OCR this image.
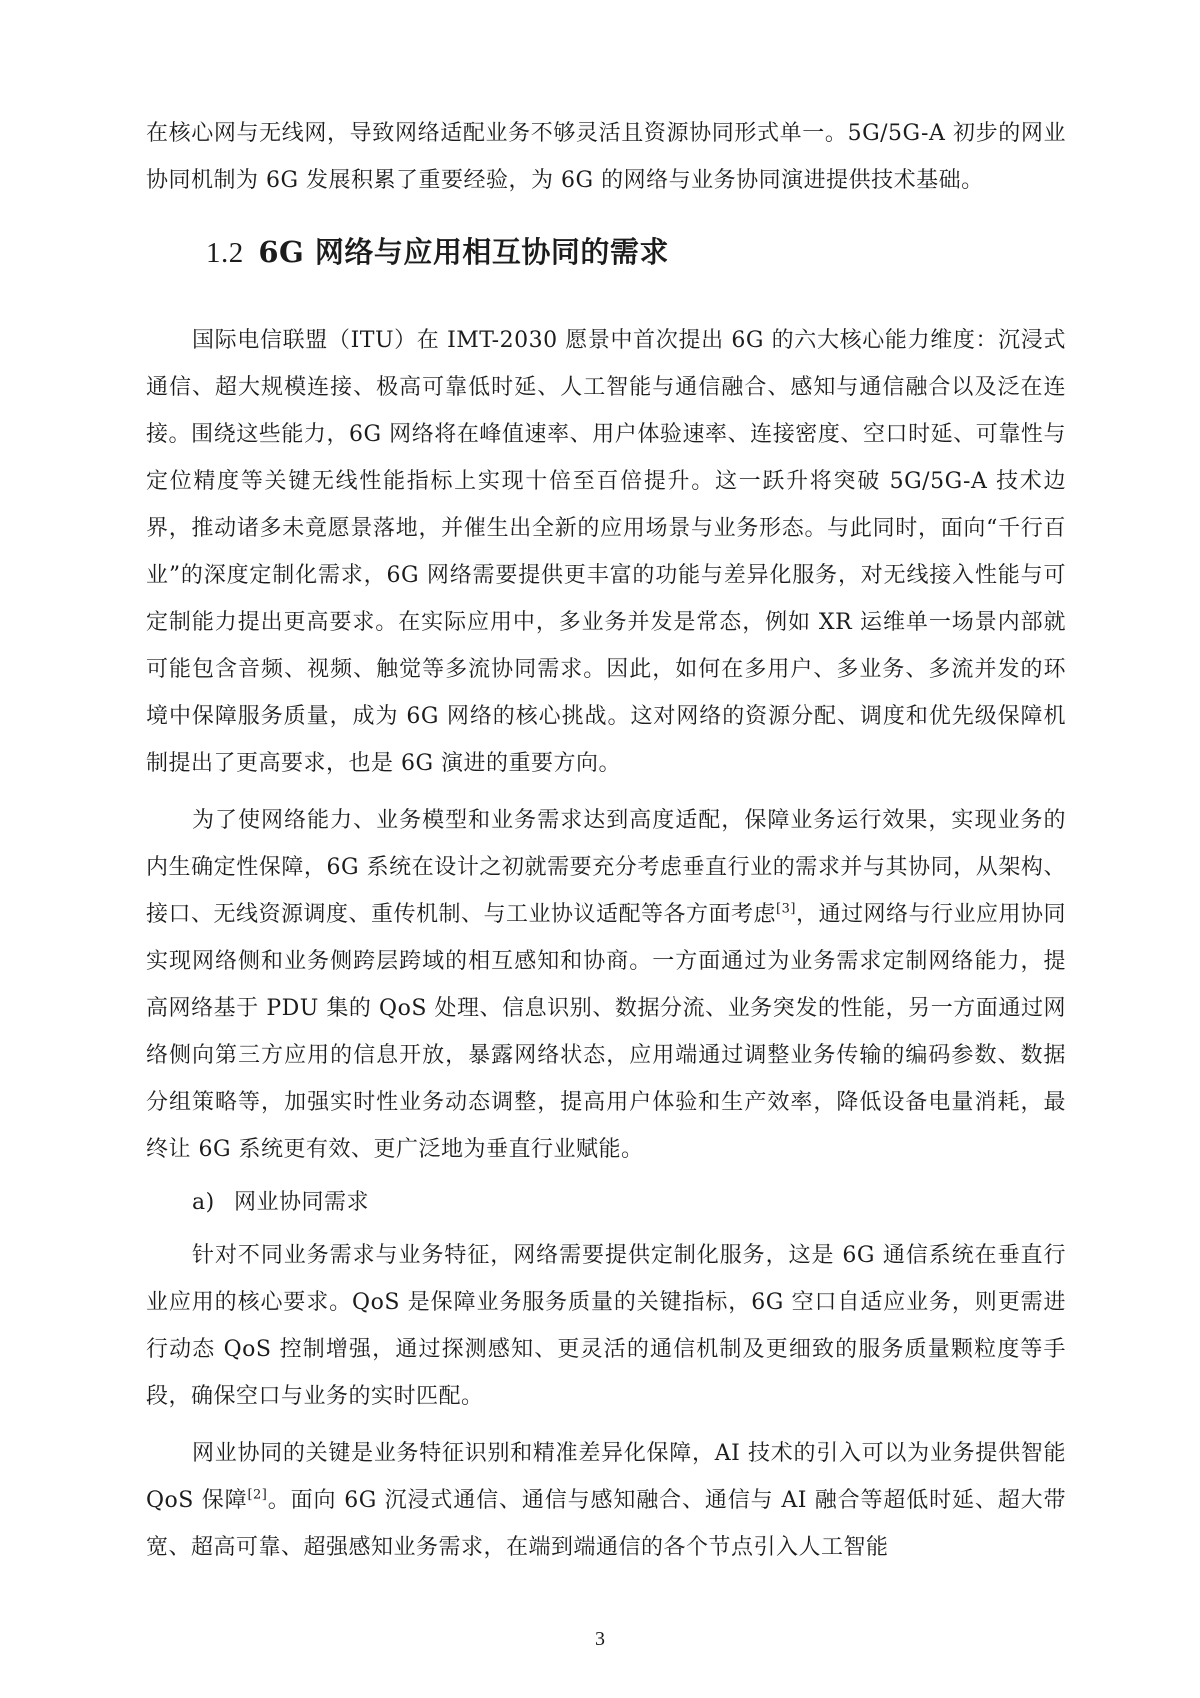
在核心网与无线网，导致网络适配业务不够灵活且资源协同形式单一。5G/5G-A 初步的网业协同机制为 6G 发展积累了重要经验，为 6G 的网络与业务协同演进提供技术基础。

1.2 6G 网络与应用相互协同的需求

国际电信联盟（ITU）在 IMT-2030 愿景中首次提出 6G 的六大核心能力维度：沉浸式通信、超大规模连接、极高可靠低时延、人工智能与通信融合、感知与通信融合以及泛在连接。围绕这些能力，6G 网络将在峰值速率、用户体验速率、连接密度、空口时延、可靠性与定位精度等关键无线性能指标上实现十倍至百倍提升。这一跃升将突破 5G/5G-A 技术边界，推动诸多未竟愿景落地，并催生出全新的应用场景与业务形态。与此同时，面向“千行百业”的深度定制化需求，6G 网络需要提供更丰富的功能与差异化服务，对无线接入性能与可定制能力提出更高要求。在实际应用中，多业务并发是常态，例如 XR 运维单一场景内部就可能包含音频、视频、触觉等多流协同需求。因此，如何在多用户、多业务、多流并发的环境中保障服务质量，成为 6G 网络的核心挑战。这对网络的资源分配、调度和优先级保障机制提出了更高要求，也是 6G 演进的重要方向。

为了使网络能力、业务模型和业务需求达到高度适配，保障业务运行效果，实现业务的内生确定性保障，6G 系统在设计之初就需要充分考虑垂直行业的需求并与其协同，从架构、接口、无线资源调度、重传机制、与工业协议适配等各方面考虑[3]，通过网络与行业应用协同实现网络侧和业务侧跨层跨域的相互感知和协商。一方面通过为业务需求定制网络能力，提高网络基于 PDU 集的 QoS 处理、信息识别、数据分流、业务突发的性能，另一方面通过网络侧向第三方应用的信息开放，暴露网络状态，应用端通过调整业务传输的编码参数、数据分组策略等，加强实时性业务动态调整，提高用户体验和生产效率，降低设备电量消耗，最终让 6G 系统更有效、更广泛地为垂直行业赋能。

a) 网业协同需求

针对不同业务需求与业务特征，网络需要提供定制化服务，这是 6G 通信系统在垂直行业应用的核心要求。QoS 是保障业务服务质量的关键指标，6G 空口自适应业务，则更需进行动态 QoS 控制增强，通过探测感知、更灵活的通信机制及更细致的服务质量颗粒度等手段，确保空口与业务的实时匹配。

网业协同的关键是业务特征识别和精准差异化保障，AI 技术的引入可以为业务提供智能 QoS 保障[2]。面向 6G 沉浸式通信、通信与感知融合、通信与 AI 融合等超低时延、超大带宽、超高可靠、超强感知业务需求，在端到端通信的各个节点引入人工智能

3
